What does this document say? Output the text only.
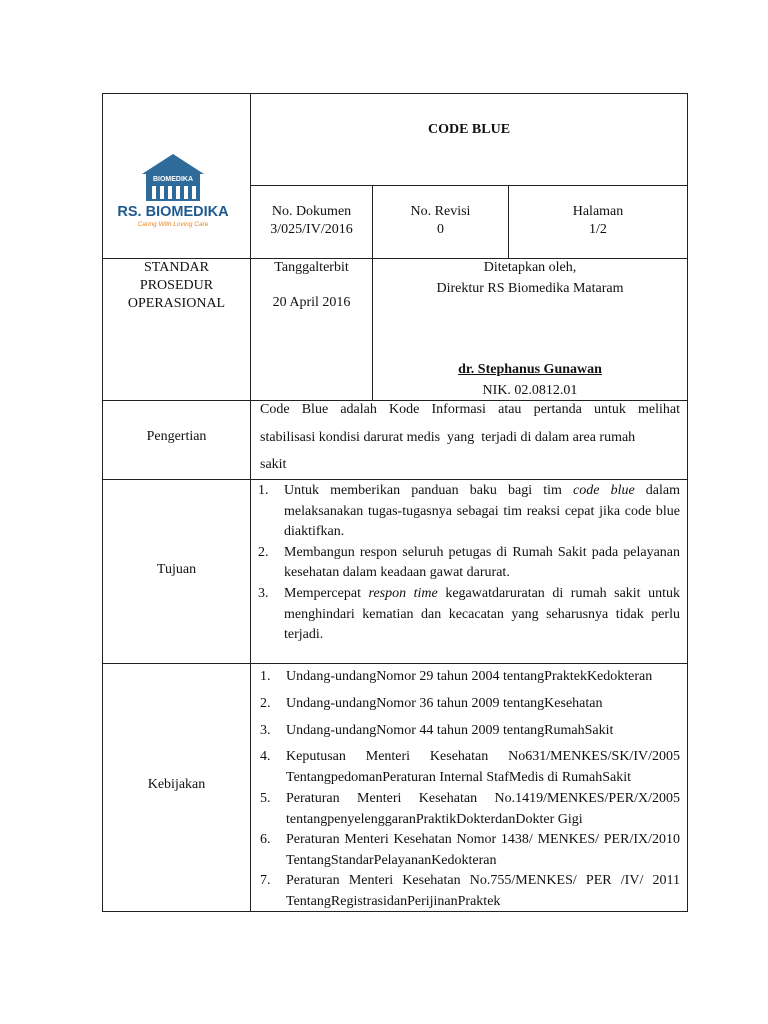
BIOMEDIKA
RS. BIOMEDIKA
Caring With Loving Care
CODE BLUE
No. Dokumen
3/025/IV/2016
No. Revisi
0
Halaman
1/2
STANDAR
PROSEDUR
OPERASIONAL
Tanggalterbit
20 April 2016
Ditetapkan oleh,
Direktur RS Biomedika Mataram
dr. Stephanus Gunawan
NIK. 02.0812.01
Pengertian
Code Blue adalah Kode Informasi atau pertanda untuk melihat
stabilisasi kondisi darurat medis  yang  terjadi di dalam area rumah
sakit
Tujuan
1. Untuk memberikan panduan baku bagi tim code blue dalam melaksanakan tugas-tugasnya sebagai tim reaksi cepat jika code blue diaktifkan.
2. Membangun respon seluruh petugas di Rumah Sakit pada pelayanan kesehatan dalam keadaan gawat darurat.
3. Mempercepat respon time kegawatdaruratan di rumah sakit untuk menghindari kematian dan kecacatan yang seharusnya tidak perlu terjadi.
Kebijakan
1. Undang-undangNomor 29 tahun 2004 tentangPraktekKedokteran
2. Undang-undangNomor 36 tahun 2009 tentangKesehatan
3. Undang-undangNomor 44 tahun 2009 tentangRumahSakit
4. Keputusan Menteri Kesehatan No631/MENKES/SK/IV/2005 TentangpedomanPeraturan Internal StafMedis di RumahSakit
5. Peraturan Menteri Kesehatan No.1419/MENKES/PER/X/2005 tentangpenyelenggaranPraktikDokterdanDokter Gigi
6. Peraturan Menteri Kesehatan Nomor 1438/ MENKES/ PER/IX/2010 TentangStandarPelayananKedokteran
7. Peraturan Menteri Kesehatan No.755/MENKES/ PER /IV/ 2011 TentangRegistrasidanPerijinanPraktek
